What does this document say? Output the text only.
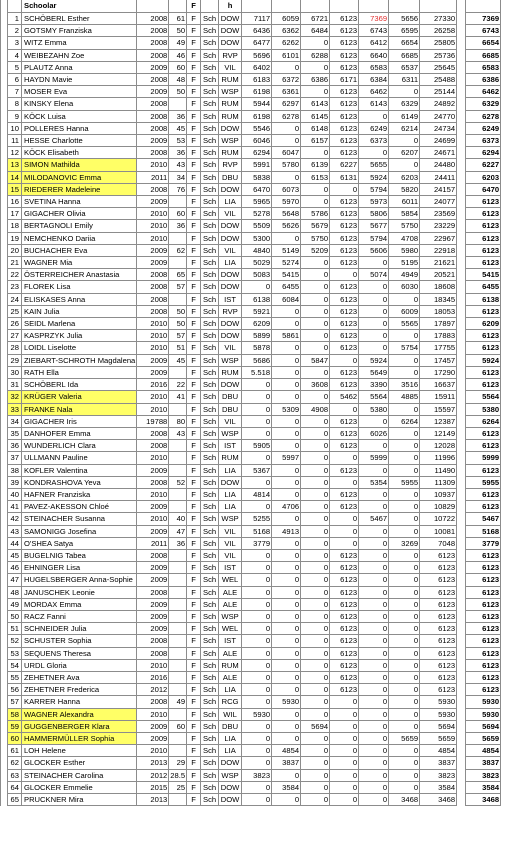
		Schoolar			F		h									
	1	SCHÖBERL Esther	2008	61	F	Sch	DOW	7117	6059	6721	6123	7369	5656	27330		7369
	2	GOTSMY Franziska	2008	50	F	Sch	DOW	6436	6362	6484	6123	6743	6595	26258		6743
	3	WITZ Emma	2008	49	F	Sch	DOW	6477	6262	0	6123	6412	6654	25805		6654
	4	WEIBEZAHN Zoe	2008	46	F	Sch	RVP	5696	6101	6288	6123	6640	6685	25736		6685
	5	PLAUTZ Anna	2009	60	F	Sch	VIL	6402	0	0	6123	6583	6537	25645		6583
	6	HAYDN Mavie	2008	48	F	Sch	RUM	6183	6372	6386	6171	6384	6311	25488		6386
	7	MOSER Eva	2009	50	F	Sch	WSP	6198	6361	0	6123	6462	0	25144		6462
	8	KINSKY Elena	2008		F	Sch	RUM	5944	6297	6143	6123	6143	6329	24892		6329
	9	KÖCK Luisa	2008	36	F	Sch	RUM	6198	6278	6145	6123	0	6149	24770		6278
	10	POLLERES Hanna	2008	45	F	Sch	DOW	5546	0	6148	6123	6249	6214	24734		6249
	11	HESSE Charlotte	2009	53	F	Sch	WSP	6046	0	6157	6123	6373	0	24699		6373
	12	KÖCK Elisabeth	2008	36	F	Sch	RUM	6294	6047	0	6123	0	6207	24671		6294
	13	SIMON Mathilda	2010	43	F	Sch	RVP	5991	5780	6139	6227	5655	0	24480		6227
	14	MILODANOVIC Emma	2011	34	F	Sch	DBU	5838	0	6153	6131	5924	6203	24411		6203
	15	RIEDERER Madeleine	2008	76	F	Sch	DOW	6470	6073	0	0	5794	5820	24157		6470
	16	SVETINA Hanna	2009		F	Sch	LIA	5965	5970	0	6123	5973	6011	24077		6123
	17	GIGACHER Olivia	2010	60	F	Sch	VIL	5278	5648	5786	6123	5806	5854	23569		6123
	18	BERTAGNOLI Emily	2010	36	F	Sch	DOW	5509	5626	5679	6123	5677	5750	23229		6123
	19	NEMCHENKO Dariia	2010		F	Sch	DOW	5300	0	5750	6123	5794	4708	22967		6123
	20	BUCHACHER Eva	2009	62	F	Sch	VIL	4840	5149	5209	6123	5606	5980	22918		6123
	21	WAGNER Mia	2009		F	Sch	LIA	5029	5274	0	6123	0	5195	21621		6123
	22	ÖSTERREICHER Anastasia	2008	65	F	Sch	DOW	5083	5415	0	0	5074	4949	20521		5415
	23	FLOREK Lisa	2008	57	F	Sch	DOW	0	6455	0	6123	0	6030	18608		6455
	24	ELISKASES Anna	2008		F	Sch	IST	6138	6084	0	6123	0	0	18345		6138
	25	KAIN Julia	2008	50	F	Sch	RVP	5921	0	0	6123	0	6009	18053		6123
	26	SEIDL Marlena	2010	50	F	Sch	DOW	6209	0	0	6123	0	5565	17897		6209
	27	KASPRZYK Julia	2010	57	F	Sch	DOW	5899	5861	0	6123	0	0	17883		6123
	28	LOIDL Liselotte	2010	51	F	Sch	VIL	5878	0	0	6123	0	5754	17755		6123
	29	ZIEBART-SCHROTH Magdalena	2009	45	F	Sch	WSP	5686	0	5847	0	5924	0	17457		5924
	30	RATH Ella	2009		F	Sch	RUM	5.518	0	0	6123	5649	0	17290		6123
	31	SCHÖBERL Ida	2016	22	F	Sch	DOW	0	0	3608	6123	3390	3516	16637		6123
	32	KRÜGER Valeria	2010	41	F	Sch	DBU	0	0	0	5462	5564	4885	15911		5564
	33	FRANKE Nala	2010		F	Sch	DBU	0	5309	4908	0	5380	0	15597		5380
	34	GIGACHER Iris	19788	80	F	Sch	VIL	0	0	0	6123	0	6264	12387		6264
	35	DANHOFER Emma	2008	43	F	Sch	WSP	0	0	0	6123	6026	0	12149		6123
	36	WUNDERLICH Clara	2008		F	Sch	IST	5905	0	0	6123	0	0	12028		6123
	37	ULLMANN Pauline	2010		F	Sch	RUM	0	5997	0	0	5999	0	11996		5999
	38	KOFLER Valentina	2009		F	Sch	LIA	5367	0	0	6123	0	0	11490		6123
	39	KONDRASHOVA Yeva	2008	52	F	Sch	DOW	0	0	0	0	5354	5955	11309		5955
	40	HAFNER Franziska	2010		F	Sch	LIA	4814	0	0	6123	0	0	10937		6123
	41	PAVEZ-AKESSON Chloé	2009		F	Sch	LIA	0	4706	0	6123	0	0	10829		6123
	42	STEINACHER Susanna	2010	40	F	Sch	WSP	5255	0	0	0	5467	0	10722		5467
	43	SAMONIGG Josefina	2009	47	F	Sch	VIL	5168	4913	0	0	0	0	10081		5168
	44	O'SHEA Satya	2011	36	F	Sch	VIL	3779	0	0	0	0	3269	7048		3779
	45	BUGELNIG Tabea	2008		F	Sch	VIL	0	0	0	6123	0	0	6123		6123
	46	EHNINGER Lisa	2009		F	Sch	IST	0	0	0	6123	0	0	6123		6123
	47	HUGELSBERGER Anna-Sophie	2009		F	Sch	WEL	0	0	0	6123	0	0	6123		6123
	48	JANUSCHEK Leonie	2008		F	Sch	ALE	0	0	0	6123	0	0	6123		6123
	49	MORDAX Emma	2009		F	Sch	ALE	0	0	0	6123	0	0	6123		6123
	50	RACZ Fanni	2009		F	Sch	WSP	0	0	0	6123	0	0	6123		6123
	51	SCHNEIDER Julia	2009		F	Sch	WEL	0	0	0	6123	0	0	6123		6123
	52	SCHUSTER Sophia	2008		F	Sch	IST	0	0	0	6123	0	0	6123		6123
	53	SEQUENS Theresa	2008		F	Sch	ALE	0	0	0	6123	0	0	6123		6123
	54	URDL Gloria	2010		F	Sch	RUM	0	0	0	6123	0	0	6123		6123
	55	ZEHETNER Ava	2016		F	Sch	ALE	0	0	0	6123	0	0	6123		6123
	56	ZEHETNER Frederica	2012		F	Sch	LIA	0	0	0	6123	0	0	6123		6123
	57	KARRER Hanna	2008	49	F	Sch	RCG	0	5930	0	0	0	0	5930		5930
	58	WAGNER Alexandra	2010		F	Sch	WIL	5930	0	0	0	0	0	5930		5930
	59	GUGGENBERGER Klara	2009	60	F	Sch	DBU	0	0	5694	0	0	0	5694		5694
	60	HAMMERMÜLLER Sophia	2009		F	Sch	LIA	0	0	0	0	0	5659	5659		5659
	61	LOH Helene	2010		F	Sch	LIA	0	4854	0	0	0	0	4854		4854
	62	GLOCKER Esther	2013	29	F	Sch	DOW	0	3837	0	0	0	0	3837		3837
	63	STEINACHER Carolina	2012	28.5	F	Sch	WSP	3823	0	0	0	0	0	3823		3823
	64	GLOCKER Emmelie	2015	25	F	Sch	DOW	0	3584	0	0	0	0	3584		3584
	65	PRUCKNER Mira	2013		F	Sch	DOW	0	0	0	0	0	3468	3468		3468
